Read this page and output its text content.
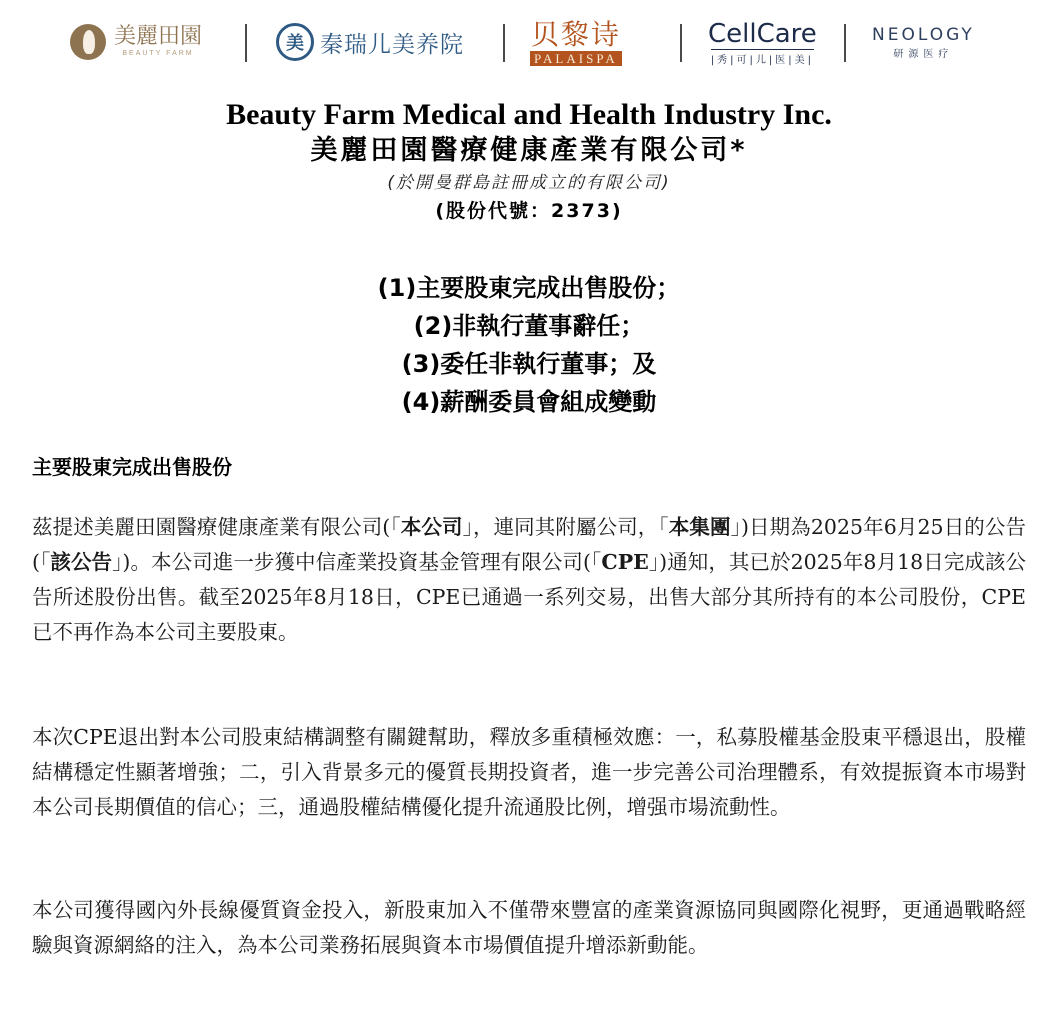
美麗田園
BEAUTY FARM	美 秦瑞儿美养院 贝黎诗
PALAISPA
CellCare
|秀|可|儿|医|美|
NEOLOGY
研源医疗
Beauty Farm Medical and Health Industry Inc.
美麗田園醫療健康產業有限公司*
(於開曼群島註冊成立的有限公司)
(股份代號：2373)
(1)主要股東完成出售股份；
(2)非執行董事辭任；
(3)委任非執行董事；及
(4)薪酬委員會組成變動
主要股東完成出售股份

茲提述美麗田園醫療健康產業有限公司(「本公司」，連同其附屬公司，「本集團」)日期為2025年6月25日的公告(「該公告」)。本公司進一步獲中信產業投資基金管理有限公司(「CPE」)通知，其已於2025年8月18日完成該公告所述股份出售。截至2025年8月18日，CPE已通過一系列交易，出售大部分其所持有的本公司股份，CPE已不再作為本公司主要股東。

本次CPE退出對本公司股東結構調整有關鍵幫助，釋放多重積極效應：一，私募股權基金股東平穩退出，股權結構穩定性顯著增強；二，引入背景多元的優質長期投資者，進一步完善公司治理體系，有效提振資本市場對本公司長期價值的信心；三，通過股權結構優化提升流通股比例，增强市場流動性。

本公司獲得國內外長線優質資金投入，新股東加入不僅帶來豐富的產業資源協同與國際化視野，更通過戰略經驗與資源網絡的注入，為本公司業務拓展與資本市場價值提升增添新動能。
